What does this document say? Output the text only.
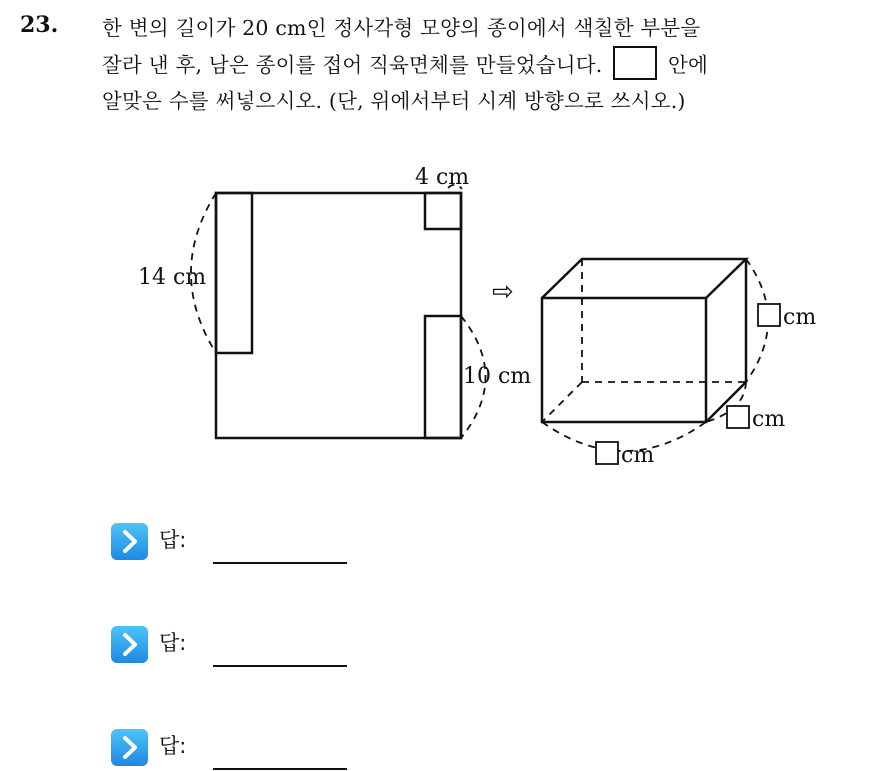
23. 한 변의 길이가 20 cm인 정사각형 모양의 종이에서 색칠한 부분을
잘라 낸 후, 남은 종이를 접어 직육면체를 만들었습니다.	안에
알맞은 수를 써넣으시오. (단, 위에서부터 시계 방향으로 쓰시오.)
4 cm
14 cm
10 cm
⇨
cm
cm
cm
답:
답:
답:
